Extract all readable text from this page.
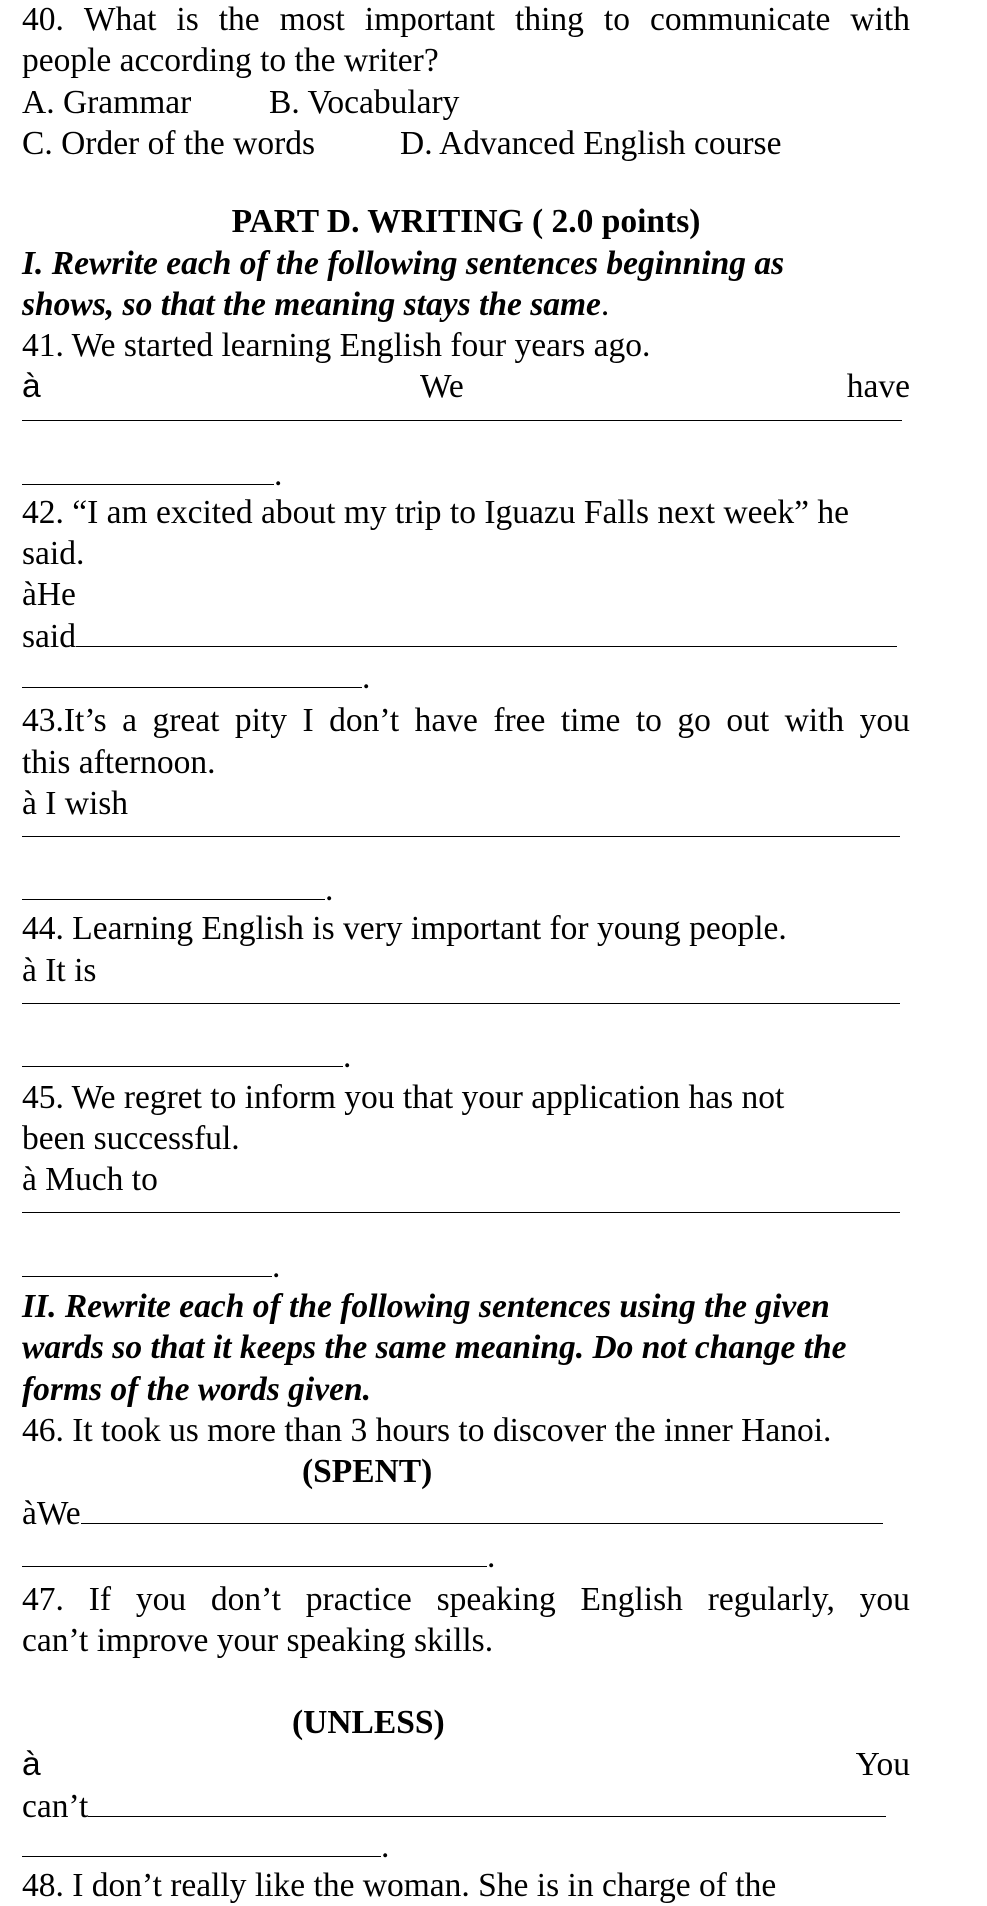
40. What is the most important thing to communicate with
people according to the writer?
A. Grammar B. Vocabulary
C. Order of the words	D. Advanced English course
PART D. WRITING ( 2.0 points)
I. Rewrite each of the following sentences beginning as
shows, so that the meaning stays the same.
41. We started learning English four years ago.
à	We	have
.
42. “I am excited about my trip to Iguazu Falls next week” he
said.
àHe
said
.
43.It’s a great pity I don’t have free time to go out with you
this afternoon.
à I wish
.
44. Learning English is very important for young people.
à It is
.
45. We regret to inform you that your application has not
been successful.
à Much to
.
II. Rewrite each of the following sentences using the given
wards so that it keeps the same meaning. Do not change the
forms of the words given.
46. It took us more than 3 hours to discover the inner Hanoi.
(SPENT)
àWe
.
47. If you don’t practice speaking English regularly, you
can’t improve your speaking skills.
(UNLESS)
à	You
can’t
.
48. I don’t really like the woman. She is in charge of the
